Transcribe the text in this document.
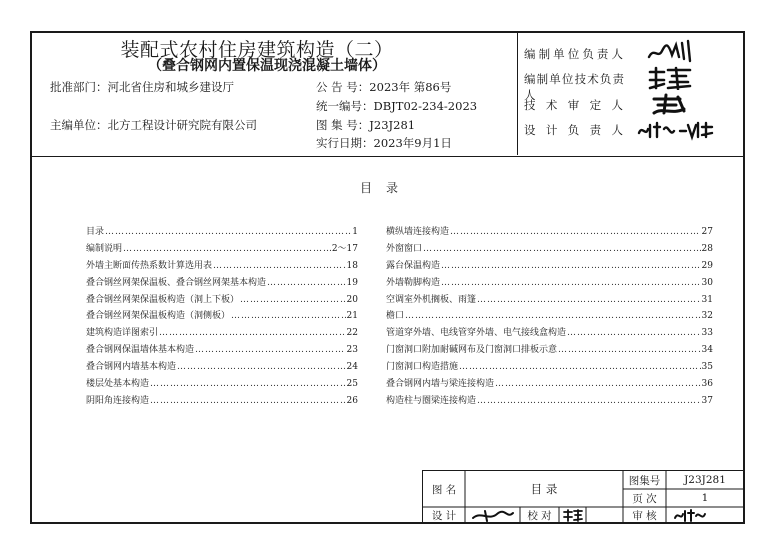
装配式农村住房建筑构造（二）
（叠合钢网内置保温现浇混凝土墙体）
批准部门：河北省住房和城乡建设厅
主编单位：北方工程设计研究院有限公司
公 告 号：2023年 第86号
统一编号：DBJT02-234-2023
图 集 号：J23J281
实行日期：2023年9月1日
编制单位负责人
编制单位技术负责人
技术审定人
设计负责人
目录
目录 ……………………………………………………………………………………………………………………………………………………………………	1
编制说明 ……………………………………………………………………………………………………………………………………………………………………	2～17
外墙主断面传热系数计算选用表 ……………………………………………………………………………………………………………………………………………………………………	18
叠合钢丝网架保温板、叠合钢丝网架基本构造 ……………………………………………………………………………………………………………………………………………………………………	19
叠合钢丝网架保温板构造（洞上下板） ……………………………………………………………………………………………………………………………………………………………………	20
叠合钢丝网架保温板构造（洞侧板） ……………………………………………………………………………………………………………………………………………………………………	21
建筑构造详图索引 ……………………………………………………………………………………………………………………………………………………………………	22
叠合钢网保温墙体基本构造 ……………………………………………………………………………………………………………………………………………………………………	23
叠合钢网内墙基本构造 ……………………………………………………………………………………………………………………………………………………………………	24
楼层处基本构造 ……………………………………………………………………………………………………………………………………………………………………	25
阴阳角连接构造 ……………………………………………………………………………………………………………………………………………………………………	26
横纵墙连接构造 ……………………………………………………………………………………………………………………………………………………………………	27
外窗窗口 ……………………………………………………………………………………………………………………………………………………………………	28
露台保温构造 ……………………………………………………………………………………………………………………………………………………………………	29
外墙勒脚构造 ……………………………………………………………………………………………………………………………………………………………………	30
空调室外机搁板、雨篷 ……………………………………………………………………………………………………………………………………………………………………	31
檐口 ……………………………………………………………………………………………………………………………………………………………………	32
管道穿外墙、电线管穿外墙、电气接线盒构造 ……………………………………………………………………………………………………………………………………………………………………	33
门窗洞口附加耐碱网布及门窗洞口排板示意 ……………………………………………………………………………………………………………………………………………………………………	34
门窗洞口构造措施 ……………………………………………………………………………………………………………………………………………………………………	35
叠合钢网内墙与梁连接构造 ……………………………………………………………………………………………………………………………………………………………………	36
构造柱与圈梁连接构造 ……………………………………………………………………………………………………………………………………………………………………	37
图 名	目 录
图集号	J23J281
页 次	1
设 计	校 对	审 核
